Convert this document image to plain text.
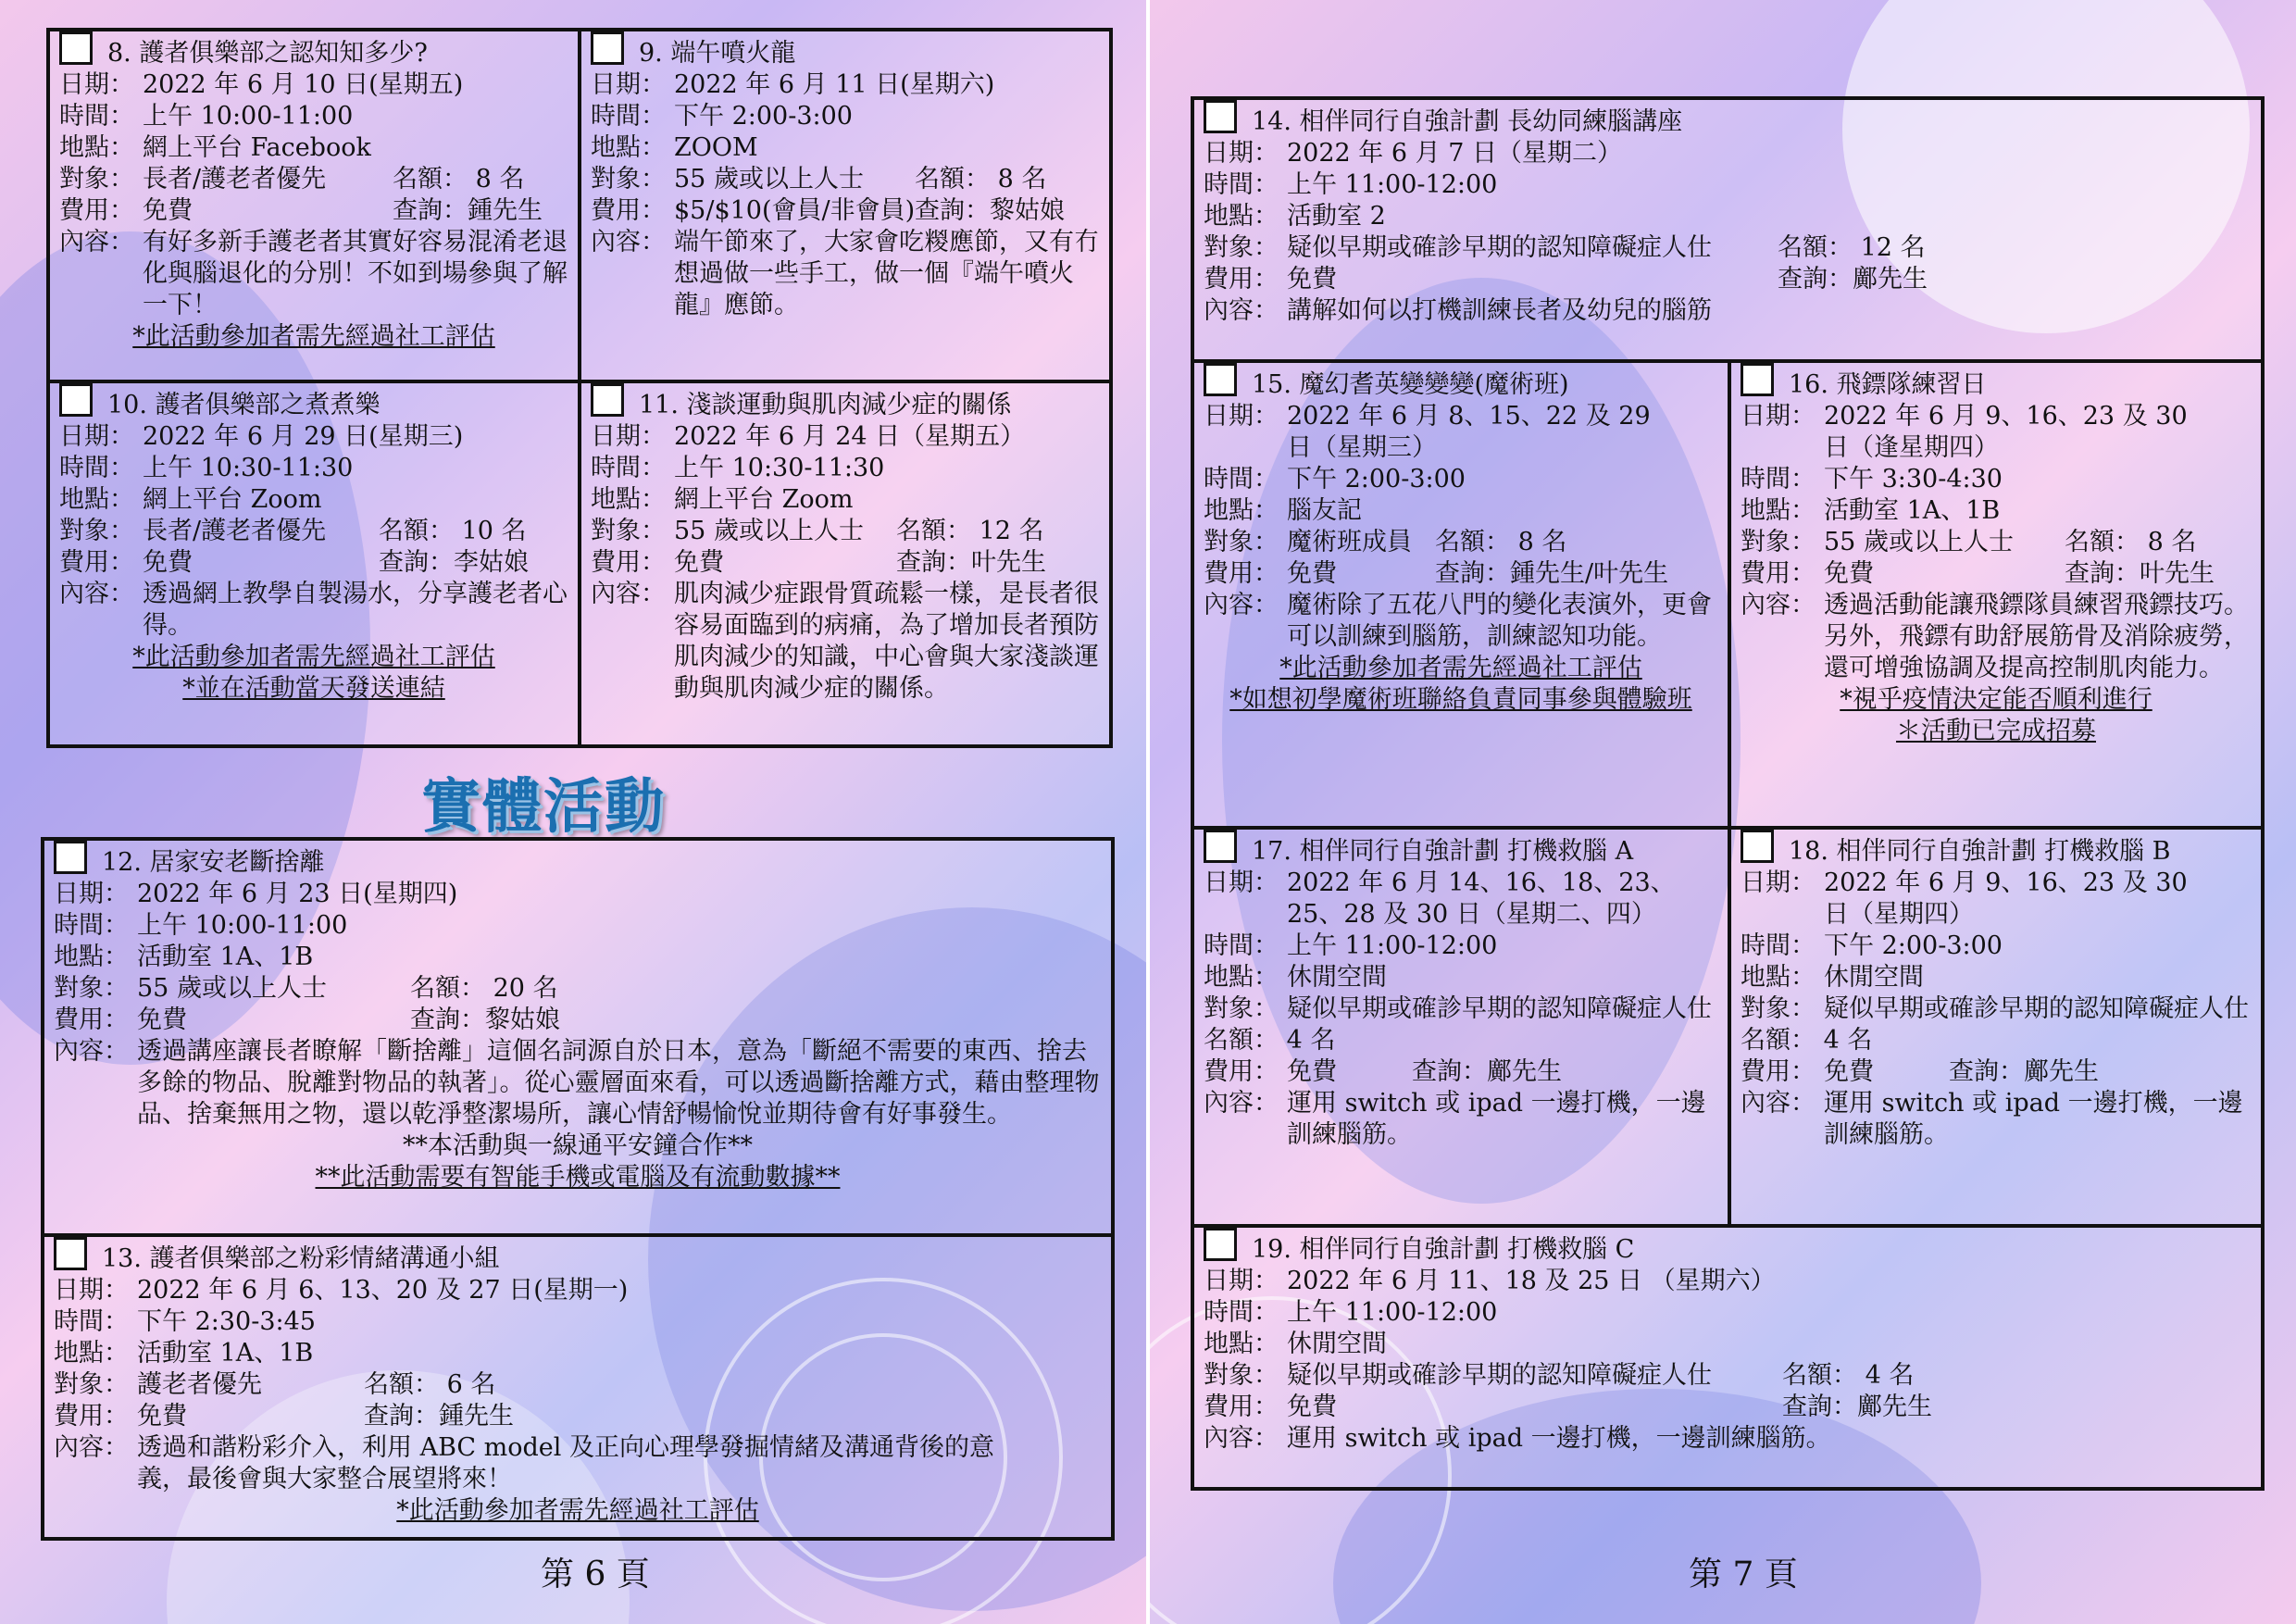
8. 護者俱樂部之認知知多少?
日期： 2022 年 6 月 10 日(星期五)
時間： 上午 10:00-11:00
地點： 網上平台 Facebook
對象： 長者/護老者優先	名額： 8 名
費用： 免費	查詢：鍾先生
內容： 有好多新手護老者其實好容易混淆老退化與腦退化的分別！不如到場參與了解一下！
*此活動參加者需先經過社工評估
9. 端午噴火龍
日期： 2022 年 6 月 11 日(星期六)
時間： 下午 2:00-3:00
地點： ZOOM
對象： 55 歲或以上人士	名額： 8 名
費用： $5/$10(會員/非會員) 查詢：黎姑娘
內容： 端午節來了，大家會吃糉應節，又有冇想過做一些手工，做一個『端午噴火龍』應節。
10. 護者俱樂部之煮煮樂
日期： 2022 年 6 月 29 日(星期三)
時間： 上午 10:30-11:30
地點： 網上平台 Zoom
對象： 長者/護老者優先	名額： 10 名
費用： 免費	查詢：李姑娘
內容： 透過網上教學自製湯水，分享護老者心得。
*此活動參加者需先經過社工評估
*並在活動當天發送連結
11. 淺談運動與肌肉減少症的關係
日期： 2022 年 6 月 24 日（星期五）
時間： 上午 10:30-11:30
地點： 網上平台 Zoom
對象： 55 歲或以上人士	名額： 12 名
費用： 免費	查詢：叶先生
內容： 肌肉減少症跟骨質疏鬆一樣，是長者很容易面臨到的病痛，為了增加長者預防肌肉減少的知識，中心會與大家淺談運動與肌肉減少症的關係。
實體活動
12. 居家安老斷捨離
日期： 2022 年 6 月 23 日(星期四)
時間： 上午 10:00-11:00
地點： 活動室 1A、1B
對象： 55 歲或以上人士	名額： 20 名
費用： 免費	查詢：黎姑娘
內容： 透過講座讓長者瞭解「斷捨離」這個名詞源自於日本，意為「斷絕不需要的東西、捨去多餘的物品、脫離對物品的執著」。從心靈層面來看，可以透過斷捨離方式，藉由整理物品、捨棄無用之物，還以乾淨整潔場所，讓心情舒暢愉悅並期待會有好事發生。
**本活動與一線通平安鐘合作**
**此活動需要有智能手機或電腦及有流動數據**
13. 護者俱樂部之粉彩情緒溝通小組
日期： 2022 年 6 月 6、13、20 及 27 日(星期一)
時間： 下午 2:30-3:45
地點： 活動室 1A、1B
對象： 護老者優先	名額： 6 名
費用： 免費	查詢：鍾先生
內容： 透過和諧粉彩介入，利用 ABC model 及正向心理學發掘情緒及溝通背後的意義，最後會與大家整合展望將來！
*此活動參加者需先經過社工評估
第 6 頁
14. 相伴同行自強計劃 長幼同練腦講座
日期： 2022 年 6 月 7 日（星期二）
時間： 上午 11:00-12:00
地點： 活動室 2
對象： 疑似早期或確診早期的認知障礙症人仕	名額： 12 名
費用： 免費	查詢：鄺先生
內容： 講解如何以打機訓練長者及幼兒的腦筋
15. 魔幻耆英變變變(魔術班)
日期： 2022 年 6 月 8、15、22 及 29 日（星期三）
時間： 下午 2:00-3:00
地點： 腦友記
對象： 魔術班成員 名額： 8 名
費用： 免費	查詢：鍾先生/叶先生
內容： 魔術除了五花八門的變化表演外，更會可以訓練到腦筋，訓練認知功能。
*此活動參加者需先經過社工評估
*如想初學魔術班聯絡負責同事參與體驗班
16. 飛鏢隊練習日
日期： 2022 年 6 月 9、16、23 及 30 日（逢星期四）
時間： 下午 3:30-4:30
地點： 活動室 1A、1B
對象： 55 歲或以上人士	名額： 8 名
費用： 免費	查詢：叶先生
內容： 透過活動能讓飛鏢隊員練習飛鏢技巧。另外，飛鏢有助舒展筋骨及消除疲勞，還可增強協調及提高控制肌肉能力。
*視乎疫情決定能否順利進行
＊活動已完成招募
17. 相伴同行自強計劃 打機救腦 A
日期： 2022 年 6 月 14、16、18、23、25、28 及 30 日（星期二、四）
時間： 上午 11:00-12:00
地點： 休閒空間
對象： 疑似早期或確診早期的認知障礙症人仕
名額： 4 名
費用： 免費	查詢：鄺先生
內容： 運用 switch 或 ipad 一邊打機，一邊訓練腦筋。
18. 相伴同行自強計劃 打機救腦 B
日期： 2022 年 6 月 9、16、23 及 30 日（星期四）
時間： 下午 2:00-3:00
地點： 休閒空間
對象： 疑似早期或確診早期的認知障礙症人仕
名額： 4 名
費用： 免費	查詢：鄺先生
內容： 運用 switch 或 ipad 一邊打機，一邊訓練腦筋。
19. 相伴同行自強計劃 打機救腦 C
日期： 2022 年 6 月 11、18 及 25 日 （星期六）
時間： 上午 11:00-12:00
地點： 休閒空間
對象： 疑似早期或確診早期的認知障礙症人仕	名額： 4 名
費用： 免費	查詢：鄺先生
內容： 運用 switch 或 ipad 一邊打機，一邊訓練腦筋。
第 7 頁
